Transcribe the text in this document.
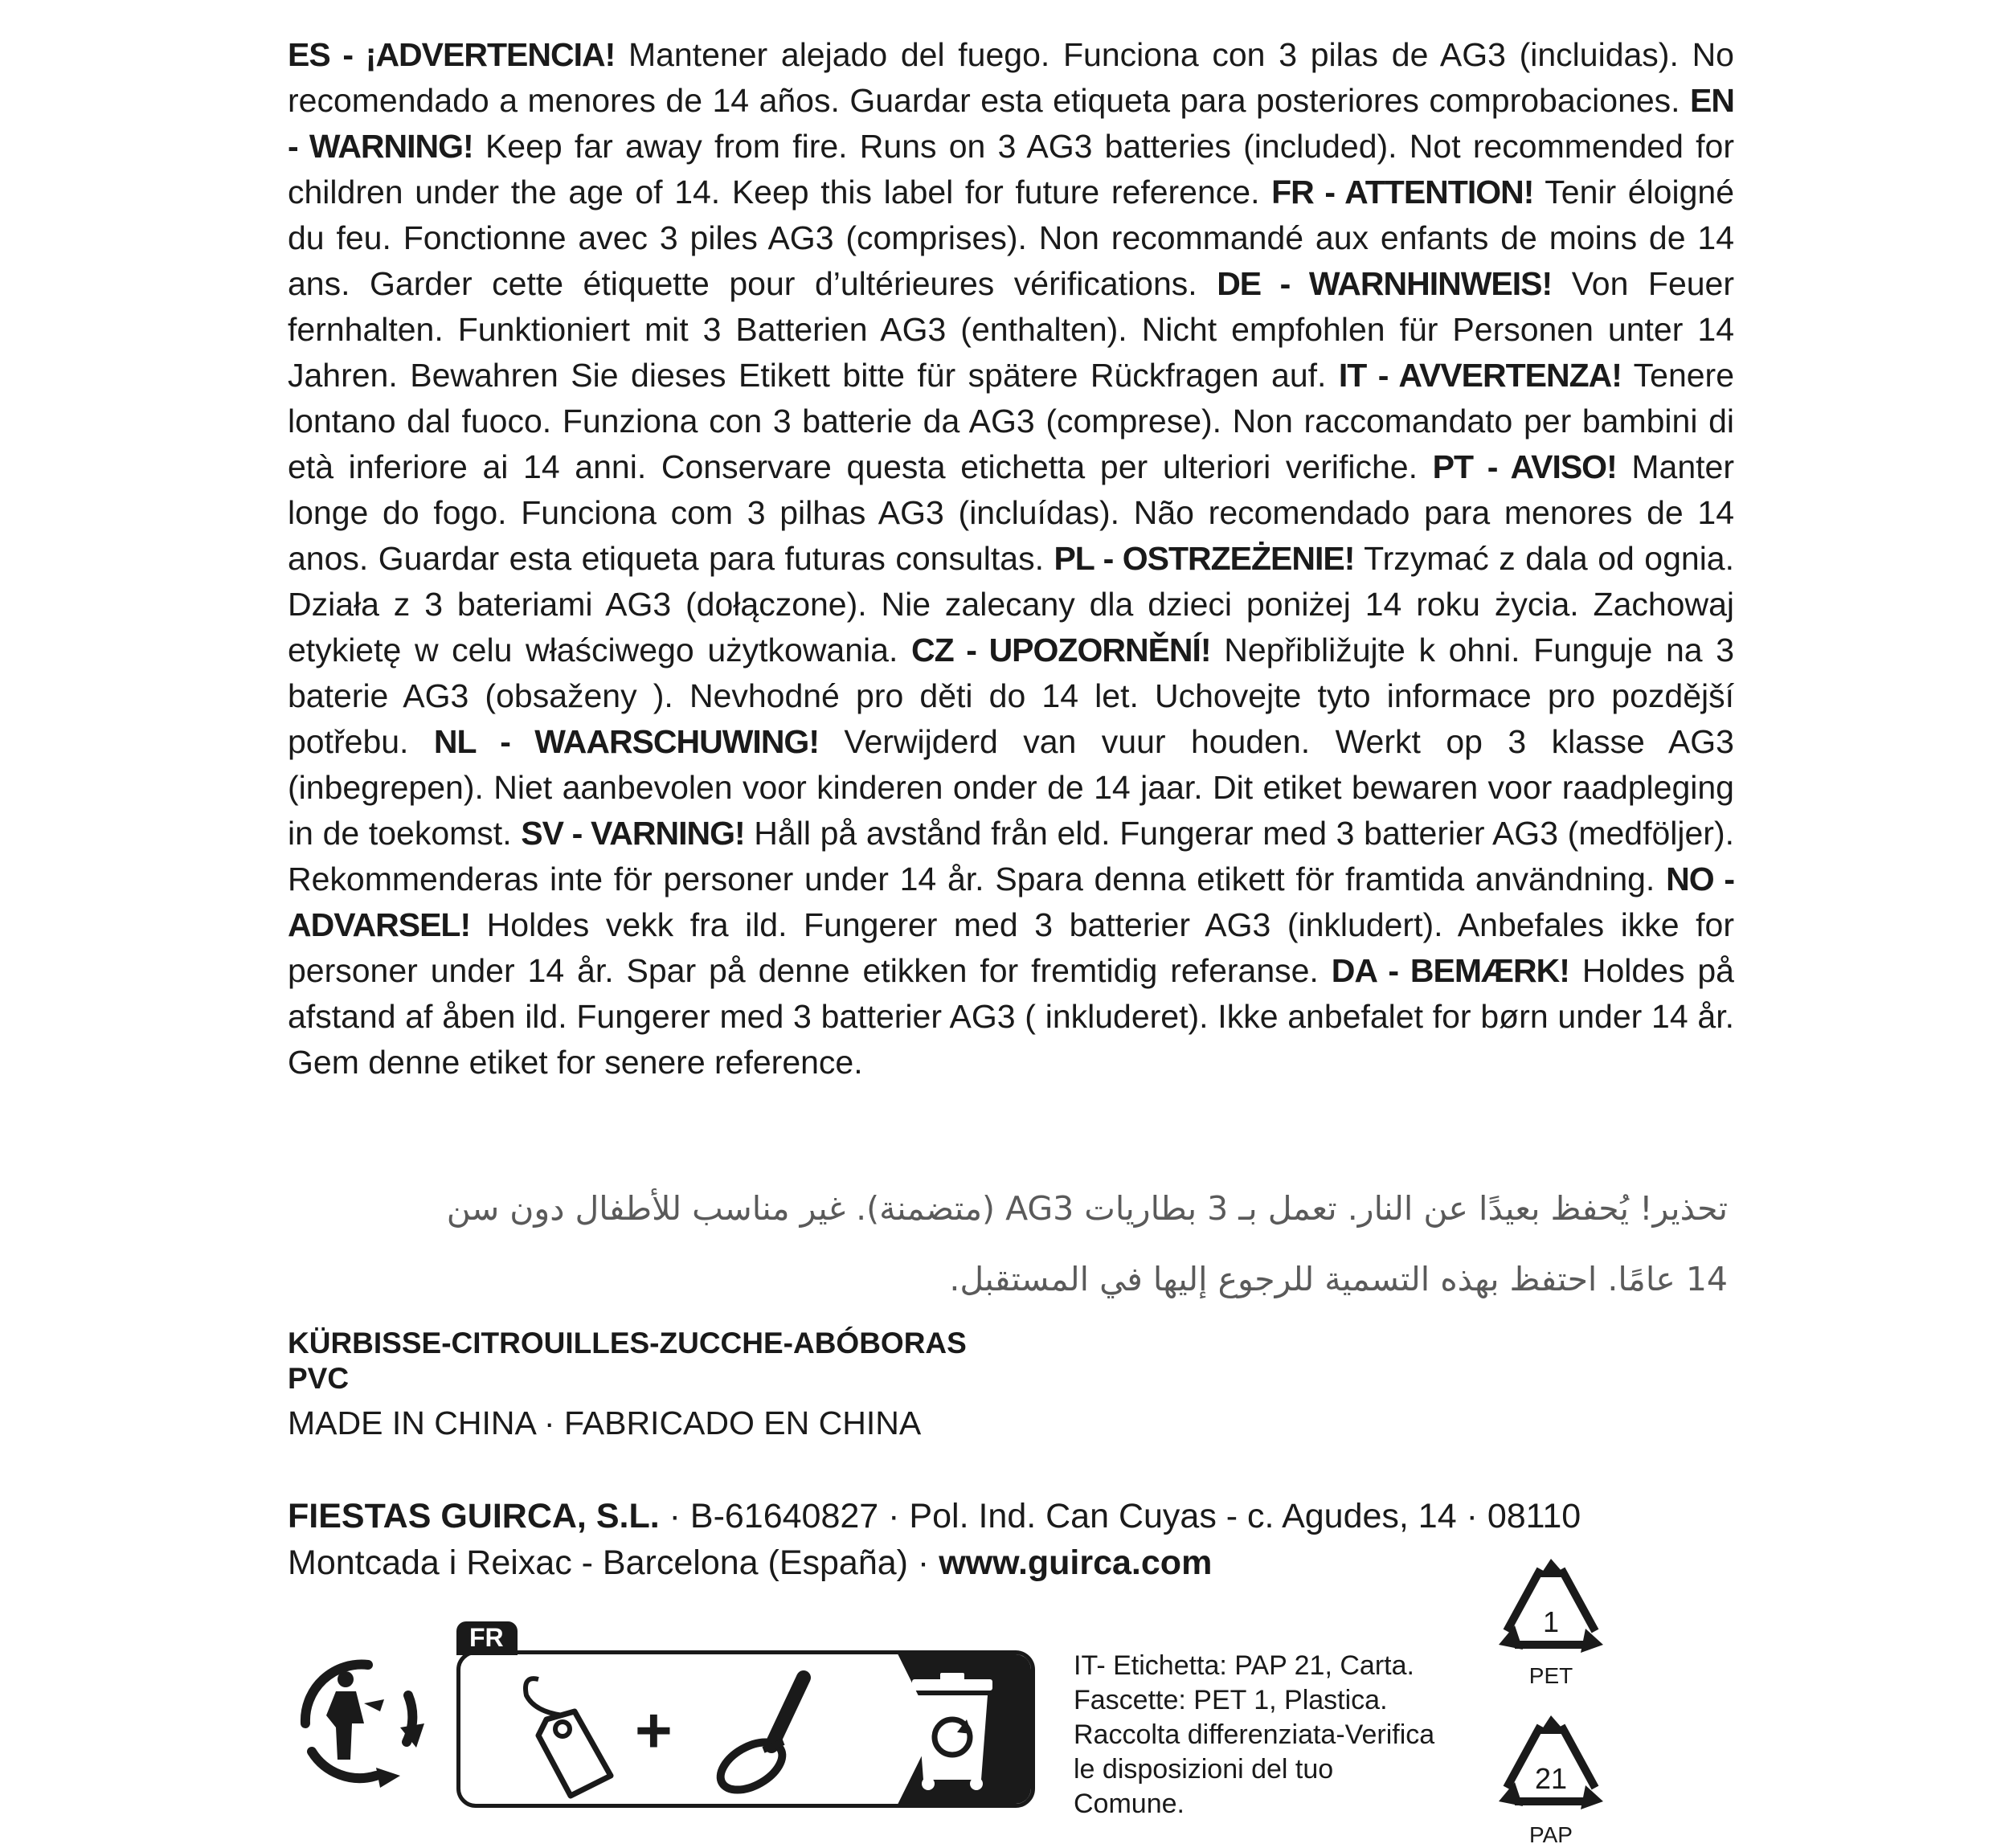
ES - ¡ADVERTENCIA! Mantener alejado del fuego. Funciona con 3 pilas de AG3 (incluidas). No recomendado a menores de 14 años. Guardar esta etiqueta para posteriores comprobaciones. EN - WARNING! Keep far away from fire. Runs on 3 AG3 batteries (included). Not recommended for children under the age of 14. Keep this label for future reference. FR - ATTENTION! Tenir éloigné du feu. Fonctionne avec 3 piles AG3 (comprises). Non recommandé aux enfants de moins de 14 ans. Garder cette étiquette pour d’ultérieures vérifications. DE - WARNHINWEIS! Von Feuer fernhalten. Funktioniert mit 3 Batterien AG3 (enthalten). Nicht empfohlen für Personen unter 14 Jahren. Bewahren Sie dieses Etikett bitte für spätere Rückfragen auf. IT - AVVERTENZA! Tenere lontano dal fuoco. Funziona con 3 batterie da AG3 (comprese). Non raccomandato per bambini di età inferiore ai 14 anni. Conservare questa etichetta per ulteriori verifiche. PT - AVISO! Manter longe do fogo. Funciona com 3 pilhas AG3 (incluídas). Não recomendado para menores de 14 anos. Guardar esta etiqueta para futuras consultas. PL - OSTRZEŻENIE! Trzymać z dala od ognia. Działa z 3 bateriami AG3 (dołączone). Nie zalecany dla dzieci poniżej 14 roku życia. Zachowaj etykietę w celu właściwego użytkowania. CZ - UPOZORNĚNÍ! Nepřibližujte k ohni. Funguje na 3 baterie AG3 (obsaženy ). Nevhodné pro děti do 14 let. Uchovejte tyto informace pro pozdější potřebu. NL - WAARSCHUWING! Verwijderd van vuur houden. Werkt op 3 klasse AG3 (inbegrepen). Niet aanbevolen voor kinderen onder de 14 jaar. Dit etiket bewaren voor raadpleging in de toekomst. SV - VARNING! Håll på avstånd från eld. Fungerar med 3 batterier AG3 (medföljer). Rekommenderas inte för personer under 14 år. Spara denna etikett för framtida användning. NO - ADVARSEL! Holdes vekk fra ild. Fungerer med 3 batterier AG3 (inkludert). Anbefales ikke for personer under 14 år. Spar på denne etikken for fremtidig referanse. DA - BEMÆRK! Holdes på afstand af åben ild. Fungerer med 3 batterier AG3 ( inkluderet). Ikke anbefalet for børn under 14 år. Gem denne etiket for senere reference.
تحذير! يُحفظ بعيدًا عن النار. تعمل بـ 3 بطاريات AG3 (متضمنة). غير مناسب للأطفال دون سن
14 عامًا. احتفظ بهذه التسمية للرجوع إليها في المستقبل.
KÜRBISSE-CITROUILLES-ZUCCHE-ABÓBORAS
PVC
MADE IN CHINA · FABRICADO EN CHINA
FIESTAS GUIRCA, S.L. · B-61640827 · Pol. Ind. Can Cuyas - c. Agudes, 14 · 08110
Montcada i Reixac - Barcelona (España) · www.guirca.com
FR
+
IT- Etichetta: PAP 21, Carta.
Fascette: PET 1, Plastica.
Raccolta differenziata-Verifica
le disposizioni del tuo
Comune.
1
PET
21
PAP
